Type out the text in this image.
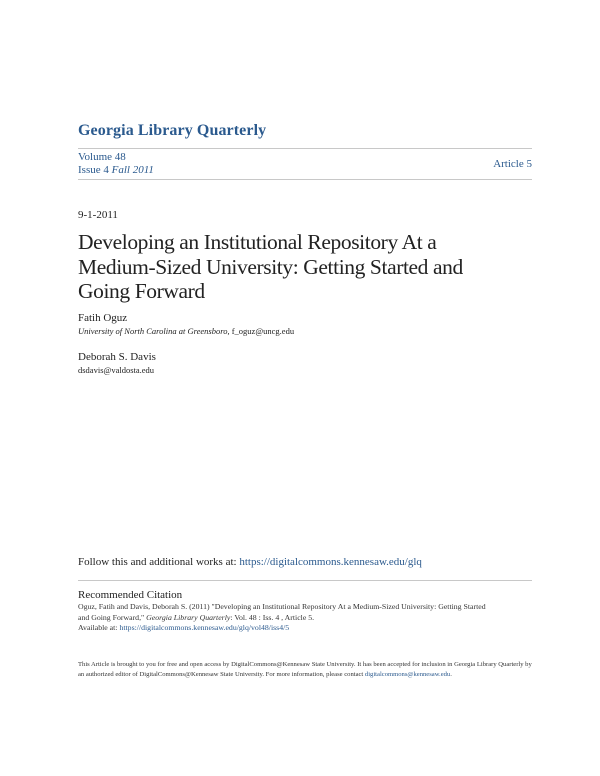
Georgia Library Quarterly
Volume 48
Issue 4 Fall 2011	Article 5
9-1-2011
Developing an Institutional Repository At a Medium-Sized University: Getting Started and Going Forward
Fatih Oguz
University of North Carolina at Greensboro, f_oguz@uncg.edu
Deborah S. Davis
dsdavis@valdosta.edu
Follow this and additional works at: https://digitalcommons.kennesaw.edu/glq
Recommended Citation
Oguz, Fatih and Davis, Deborah S. (2011) "Developing an Institutional Repository At a Medium-Sized University: Getting Started
and Going Forward," Georgia Library Quarterly: Vol. 48 : Iss. 4 , Article 5.
Available at: https://digitalcommons.kennesaw.edu/glq/vol48/iss4/5
This Article is brought to you for free and open access by DigitalCommons@Kennesaw State University. It has been accepted for inclusion in Georgia Library Quarterly by an authorized editor of DigitalCommons@Kennesaw State University. For more information, please contact digitalcommons@kennesaw.edu.
